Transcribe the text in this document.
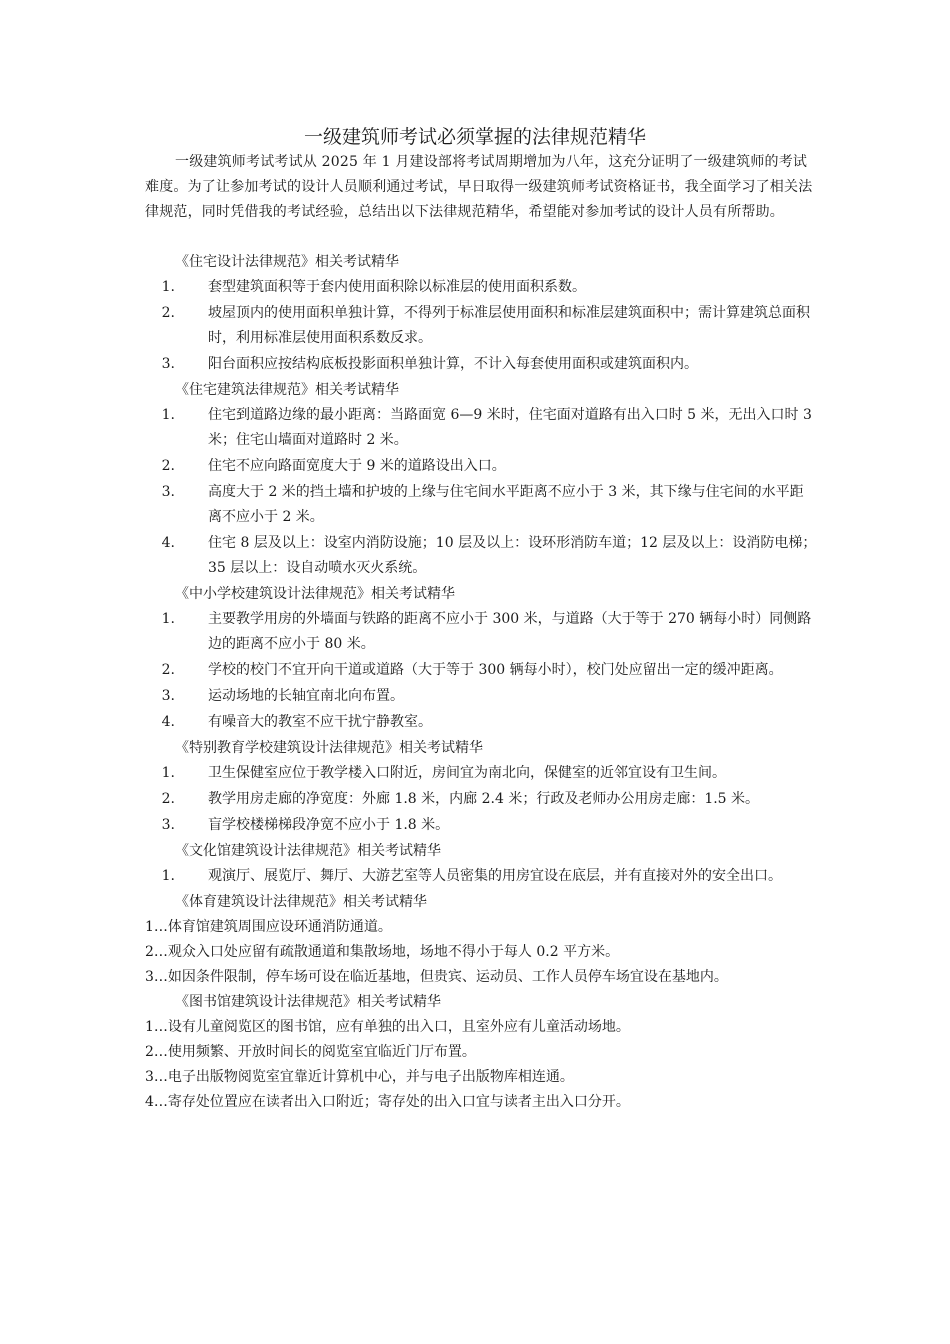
一级建筑师考试必须掌握的法律规范精华
一级建筑师考试考试从 2025 年 1 月建设部将考试周期增加为八年，这充分证明了一级建筑师的考试难度。为了让参加考试的设计人员顺利通过考试，早日取得一级建筑师考试资格证书，我全面学习了相关法律规范，同时凭借我的考试经验，总结出以下法律规范精华，希望能对参加考试的设计人员有所帮助。
《住宅设计法律规范》相关考试精华
1.	套型建筑面积等于套内使用面积除以标准层的使用面积系数。
2.	坡屋顶内的使用面积单独计算，不得列于标准层使用面积和标准层建筑面积中；需计算建筑总面积时，利用标准层使用面积系数反求。
3.	阳台面积应按结构底板投影面积单独计算，不计入每套使用面积或建筑面积内。
《住宅建筑法律规范》相关考试精华
1.	住宅到道路边缘的最小距离：当路面宽 6—9 米时，住宅面对道路有出入口时 5 米，无出入口时 3 米；住宅山墙面对道路时 2 米。
2.	住宅不应向路面宽度大于 9 米的道路设出入口。
3.	高度大于 2 米的挡土墙和护坡的上缘与住宅间水平距离不应小于 3 米，其下缘与住宅间的水平距离不应小于 2 米。
4.	住宅 8 层及以上：设室内消防设施；10 层及以上：设环形消防车道；12 层及以上：设消防电梯；35 层以上：设自动喷水灭火系统。
《中小学校建筑设计法律规范》相关考试精华
1.	主要教学用房的外墙面与铁路的距离不应小于 300 米，与道路（大于等于 270 辆每小时）同侧路边的距离不应小于 80 米。
2.	学校的校门不宜开向干道或道路（大于等于 300 辆每小时），校门处应留出一定的缓冲距离。
3.	运动场地的长轴宜南北向布置。
4.	有噪音大的教室不应干扰宁静教室。
《特别教育学校建筑设计法律规范》相关考试精华
1.	卫生保健室应位于教学楼入口附近，房间宜为南北向，保健室的近邻宜设有卫生间。
2.	教学用房走廊的净宽度：外廊 1.8 米，内廊 2.4 米；行政及老师办公用房走廊：1.5 米。
3.	盲学校楼梯梯段净宽不应小于 1.8 米。
《文化馆建筑设计法律规范》相关考试精华
1.	观演厅、展览厅、舞厅、大游艺室等人员密集的用房宜设在底层，并有直接对外的安全出口。
《体育建筑设计法律规范》相关考试精华
1…体育馆建筑周围应设环通消防通道。
2…观众入口处应留有疏散通道和集散场地，场地不得小于每人 0.2 平方米。
3…如因条件限制，停车场可设在临近基地，但贵宾、运动员、工作人员停车场宜设在基地内。
《图书馆建筑设计法律规范》相关考试精华
1…设有儿童阅览区的图书馆，应有单独的出入口，且室外应有儿童活动场地。
2…使用频繁、开放时间长的阅览室宜临近门厅布置。
3…电子出版物阅览室宜靠近计算机中心，并与电子出版物库相连通。
4…寄存处位置应在读者出入口附近；寄存处的出入口宜与读者主出入口分开。
